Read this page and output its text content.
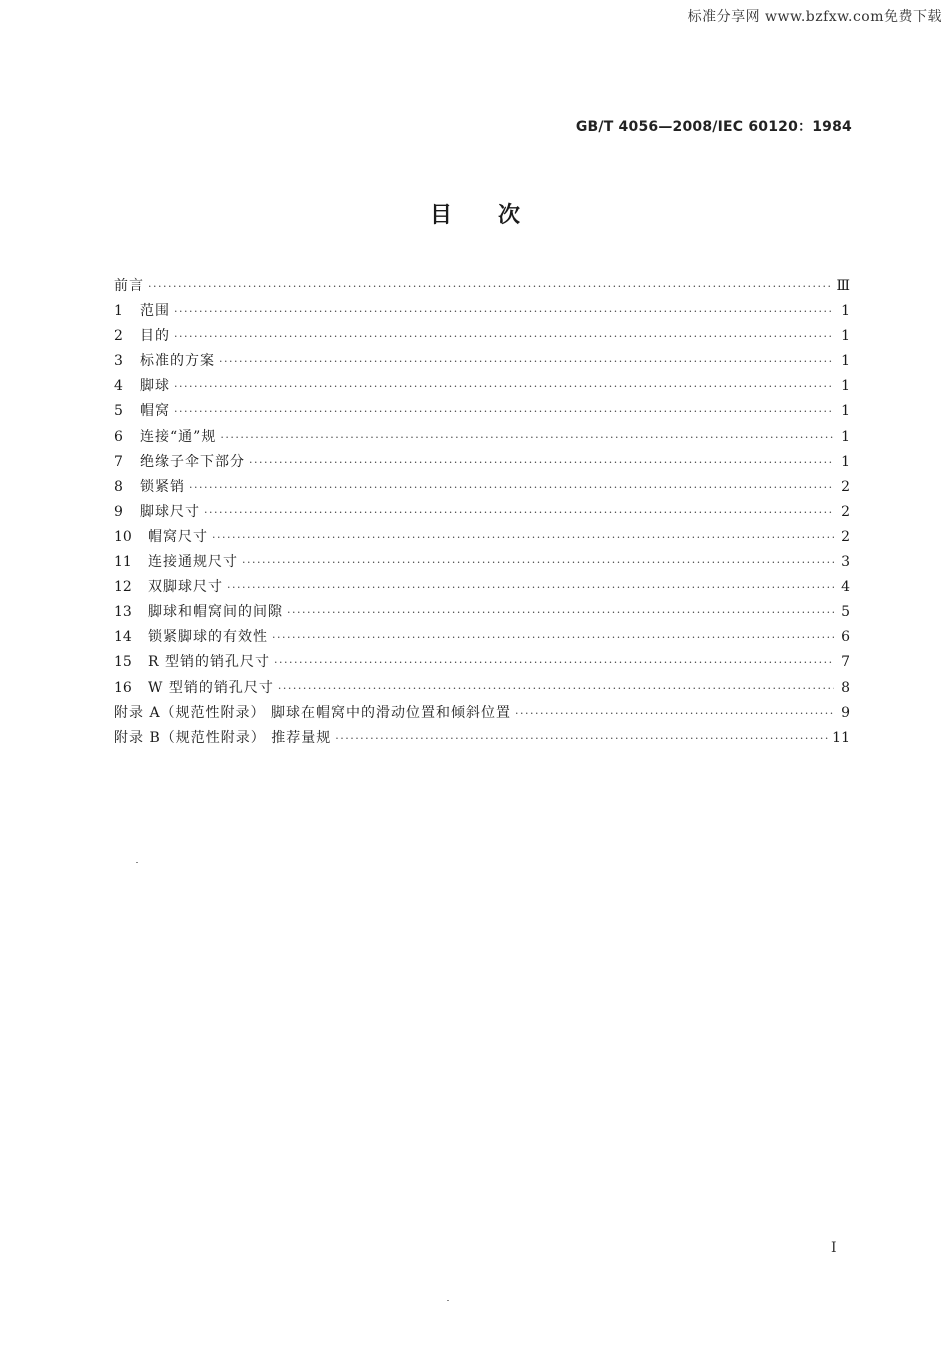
标准分享网 www.bzfxw.com免费下载
GB/T 4056—2008/IEC 60120：1984
目次
前言 ·····	Ⅲ
1	范围 ·····	1
2	目的 ·····	1
3	标准的方案 ·····	1
4	脚球 ·····	1
5	帽窝 ·····	1
6	连接“通”规 ·····	1
7	绝缘子伞下部分 ·····	1
8	锁紧销 ·····	2
9	脚球尺寸 ·····	2
10	帽窝尺寸 ·····	2
11	连接通规尺寸 ·····	3
12	双脚球尺寸 ·····	4
13	脚球和帽窝间的间隙 ·····	5
14	锁紧脚球的有效性 ·····	6
15	R 型销的销孔尺寸 ·····	7
16	W 型销的销孔尺寸 ·····	8
附录 A（规范性附录） 脚球在帽窝中的滑动位置和倾斜位置 ·····	9
附录 B（规范性附录） 推荐量规 ·····	11
I
